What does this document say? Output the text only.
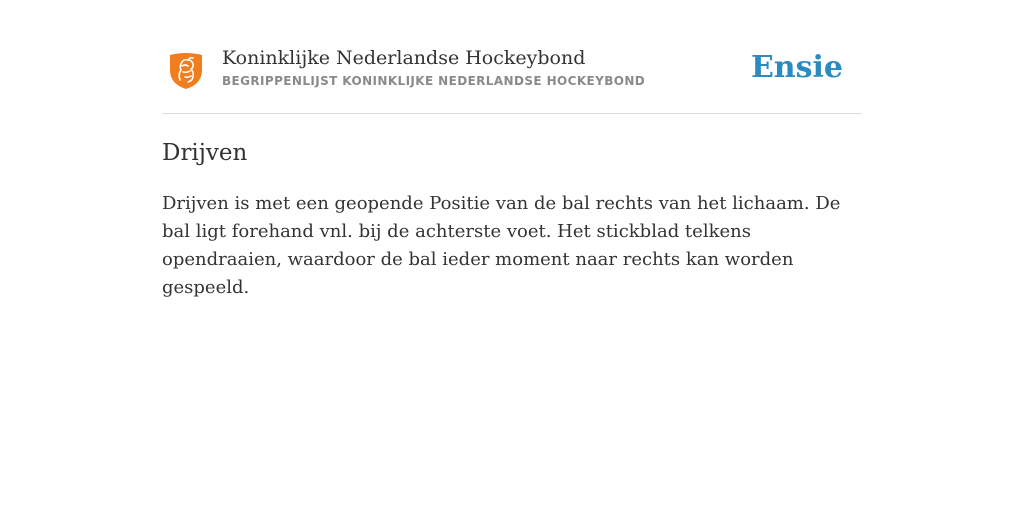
Koninklijke Nederlandse Hockeybond
BEGRIPPENLIJST KONINKLIJKE NEDERLANDSE HOCKEYBOND	Ensie
Drijven

Drijven is met een geopende Positie van de bal rechts van het lichaam. De bal ligt forehand vnl. bij de achterste voet. Het stickblad telkens opendraaien, waardoor de bal ieder moment naar rechts kan worden gespeeld.
